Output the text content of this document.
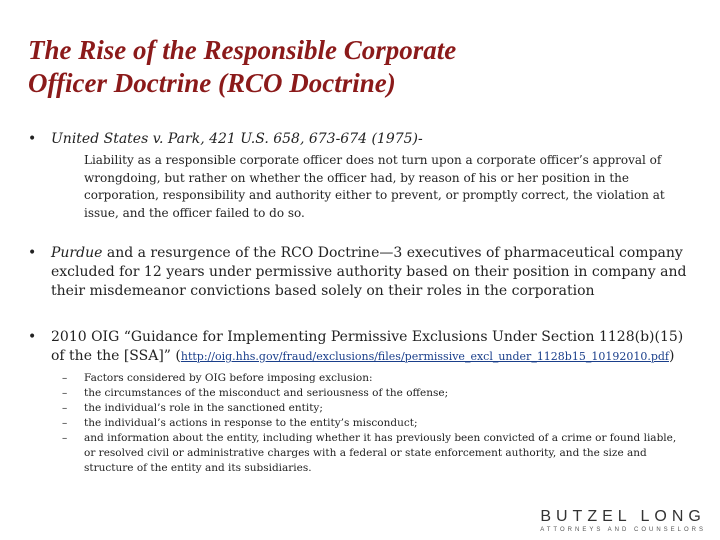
The Rise of the Responsible Corporate
Officer Doctrine (RCO Doctrine)
• United States v. Park, 421 U.S. 658, 673-674 (1975)-
Liability as a responsible corporate officer does not turn upon a corporate officer’s approval of wrongdoing, but rather on whether the officer had, by reason of his or her position in the corporation, responsibility and authority either to prevent, or promptly correct, the violation at issue, and the officer failed to do so.
• Purdue and a resurgence of the RCO Doctrine—3 executives of pharmaceutical company excluded for 12 years under permissive authority based on their position in company and their misdemeanor convictions based solely on their roles in the corporation
• 2010 OIG “Guidance for Implementing Permissive Exclusions Under Section 1128(b)(15) of the the [SSA]” (http://oig.hhs.gov/fraud/exclusions/files/permissive_excl_under_1128b15_10192010.pdf)
–	Factors considered by OIG before imposing exclusion:
–	the circumstances of the misconduct and seriousness of the offense;
–	the individual’s role in the sanctioned entity;
–	the individual’s actions in response to the entity’s misconduct;
–	and information about the entity, including whether it has previously been convicted of a crime or found liable, or resolved civil or administrative charges with a federal or state enforcement authority, and the size and structure of the entity and its subsidiaries.
BUTZEL LONG
ATTORNEYS AND COUNSELORS
